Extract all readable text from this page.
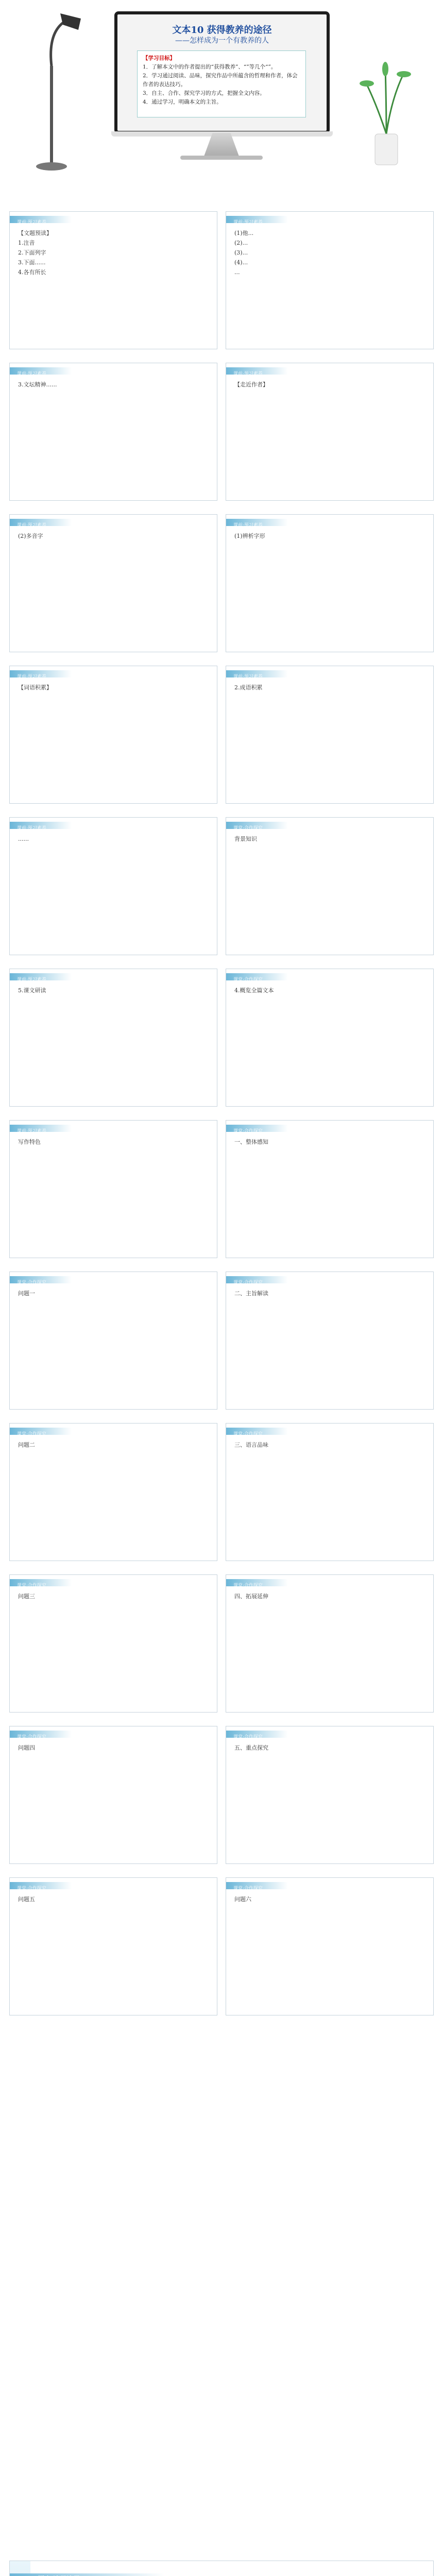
文本10 获得教养的途径
——怎样成为一个有教养的人
【学习目标】
1．了解本文中的作者提出的“获得教养”、“”等几个“”。
2．学习通过阅读、品味，探究作品中所蕴含的哲理和作者，体会作者的表达技巧。
3．自主、合作、探究学习的方式，把握全文内容。
4．通过学习，明确本文的主旨。
课前·预习素养
【文题预读】
1.注音
2.下面列字
3.下面......
4.各有所长
课前·预习素养
(1)他...
(2)...
(3)...
(4)...
...
课前·预习素养
3.文坛精神......
课前·预习素养
【走近作者】
课前·预习素养
(2)多音字
课前·预习素养
(1)辨析字形
课前·预习素养
【词语积累】
课前·预习素养
2.成语积累
课前·预习素养
......
课堂·合作探究
背景知识
课前·预习素养
5.课文研读
课堂·合作探究
4.概览全篇文本
课前·预习素养
写作特色
课堂·合作探究
一、整体感知
课堂·合作探究
问题一
课堂·合作探究
二、主旨解读
课堂·合作探究
问题二
课堂·合作探究
三、语言品味
课堂·合作探究
问题三
课堂·合作探究
四、拓展延伸
课堂·合作探究
问题四
课堂·合作探究
五、重点探究
课堂·合作探究
问题五
课堂·合作探究
问题六
